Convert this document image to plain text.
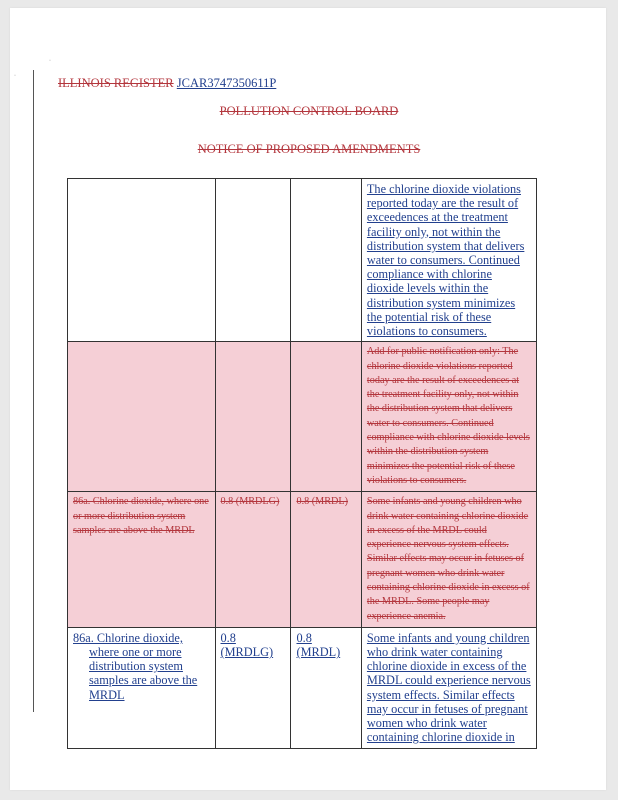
·
·
ILLINOIS REGISTER JCAR3747350611P
POLLUTION CONTROL BOARD
NOTICE OF PROPOSED AMENDMENTS
			The chlorine dioxide violations reported today are the result of exceedences at the treatment facility only, not within the distribution system that delivers water to consumers. Continued compliance with chlorine dioxide levels within the distribution system minimizes the potential risk of these violations to consumers.
			Add for public notification only: The chlorine dioxide violations reported today are the result of exceedences at the treatment facility only, not within the distribution system that delivers water to consumers. Continued compliance with chlorine dioxide levels within the distribution system minimizes the potential risk of these violations to consumers.
86a. Chlorine dioxide, where one or more distribution system samples are above the MRDL	0.8 (MRDLG)	0.8 (MRDL)	Some infants and young children who drink water containing chlorine dioxide in excess of the MRDL could experience nervous system effects. Similar effects may occur in fetuses of pregnant women who drink water containing chlorine dioxide in excess of the MRDL. Some people may experience anemia.

86a. Chlorine dioxide, where one or more distribution system samples are above the MRDL	0.8 (MRDLG)	0.8 (MRDL)	Some infants and young children who drink water containing chlorine dioxide in excess of the MRDL could experience nervous system effects. Similar effects may occur in fetuses of pregnant women who drink water containing chlorine dioxide in
